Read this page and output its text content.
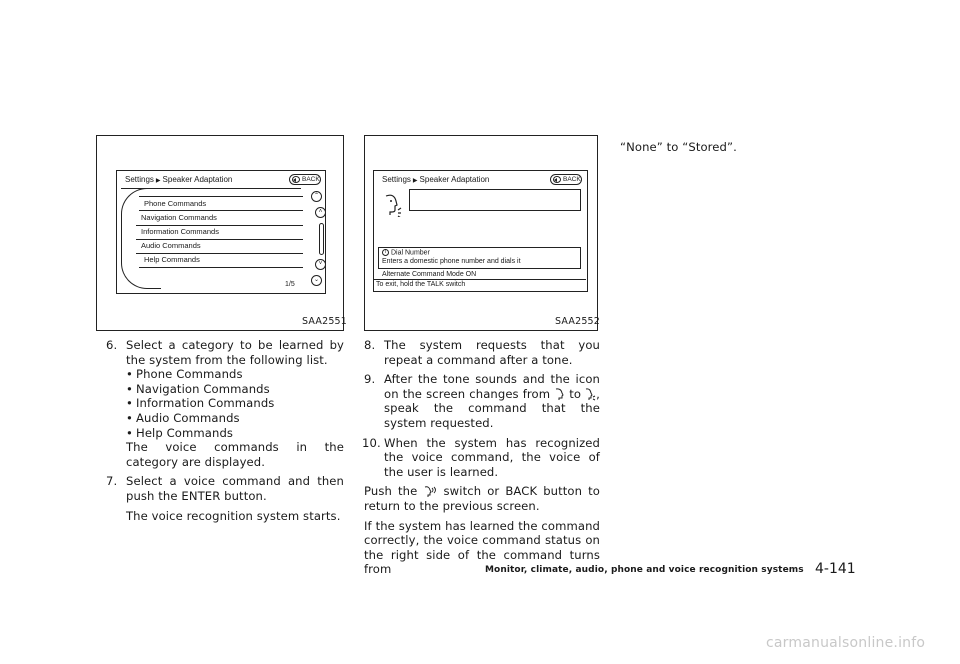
Settings ▶ Speaker Adaptation	BACK
Phone Commands
Navigation Commands
Information Commands
Audio Commands
Help Commands
⌃
˄
˅
⌄
1/5
SAA2551
Settings ▶ Speaker Adaptation	BACK
i Dial Number
Enters a domestic phone number and dials it
Alternate Command Mode ON
To exit, hold the TALK switch
SAA2552
6. Select a category to be learned by the system from the following list.
• Phone Commands
• Navigation Commands
• Information Commands
• Audio Commands
• Help Commands
The voice commands in the category are displayed.
7. Select a voice command and then push the ENTER button.
The voice recognition system starts.
8. The system requests that you repeat a command after a tone.
9. After the tone sounds and the icon on the screen changes from to , speak the command that the system requested.
10. When the system has recognized the voice command, the voice of the user is learned.
Push the switch or BACK button to return to the previous screen.
If the system has learned the command correctly, the voice command status on the right side of the command turns from
“None” to “Stored”.
Monitor, climate, audio, phone and voice recognition systems 4-141
carmanualsonline.info
